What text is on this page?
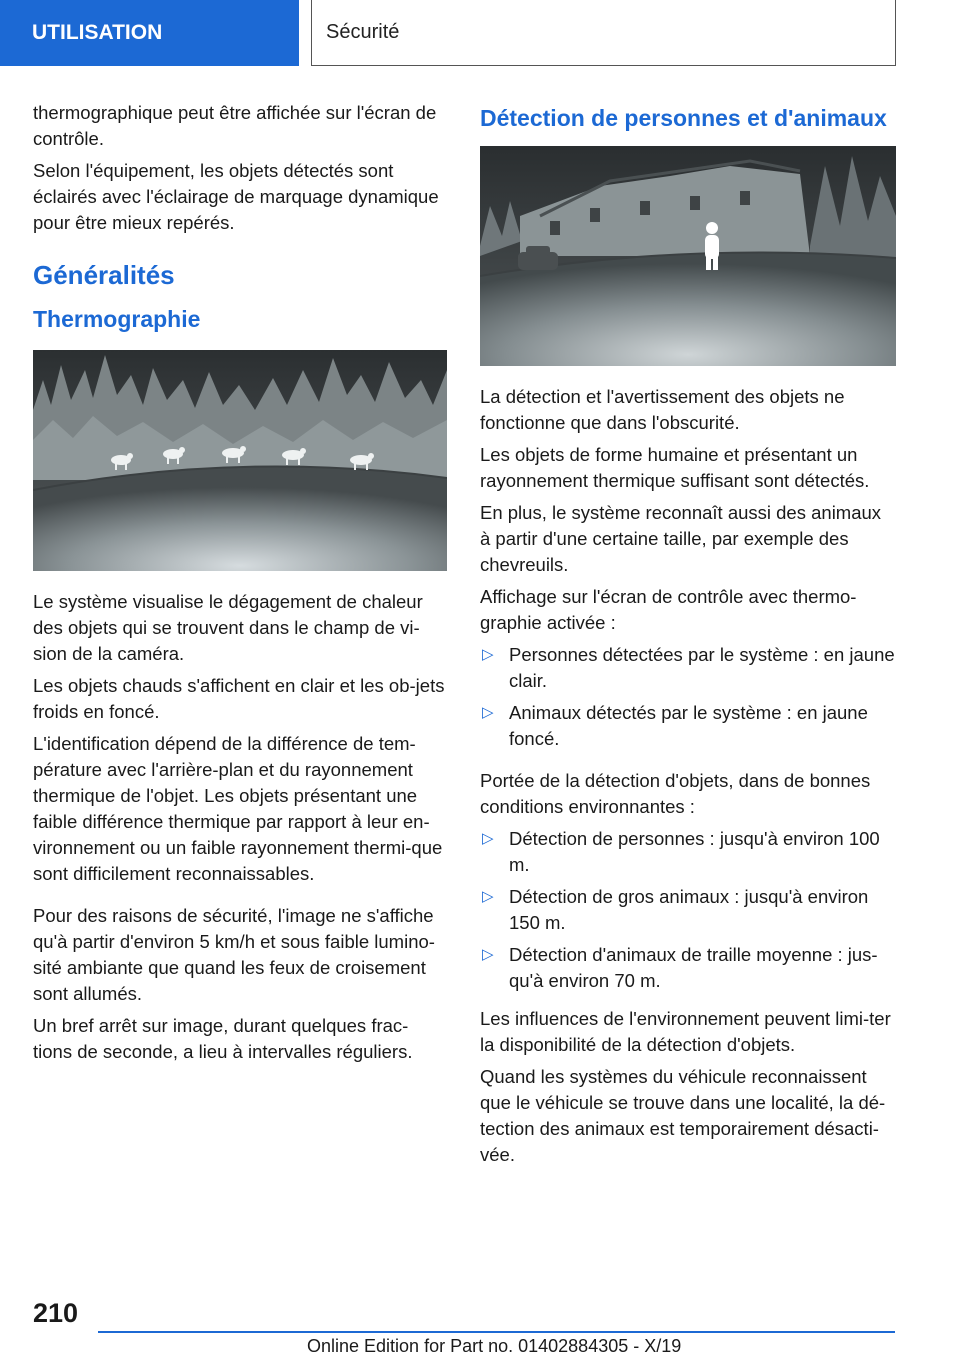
UTILISATION	Sécurité

thermographique peut être affichée sur l'écran de contrôle.

Selon l'équipement, les objets détectés sont éclairés avec l'éclairage de marquage dynamique pour être mieux repérés.

Généralités
Thermographie

Le système visualise le dégagement de chaleur des objets qui se trouvent dans le champ de vi-sion de la caméra.

Les objets chauds s'affichent en clair et les ob-jets froids en foncé.

L'identification dépend de la différence de tem-pérature avec l'arrière-plan et du rayonnement thermique de l'objet. Les objets présentant une faible différence thermique par rapport à leur en-vironnement ou un faible rayonnement thermi-que sont difficilement reconnaissables.

Pour des raisons de sécurité, l'image ne s'affiche qu'à partir d'environ 5 km/h et sous faible lumino-sité ambiante que quand les feux de croisement sont allumés.

Un bref arrêt sur image, durant quelques frac-tions de seconde, a lieu à intervalles réguliers.

Détection de personnes et d'animaux

La détection et l'avertissement des objets ne fonctionne que dans l'obscurité.

Les objets de forme humaine et présentant un rayonnement thermique suffisant sont détectés.

En plus, le système reconnaît aussi des animaux à partir d'une certaine taille, par exemple des chevreuils.

Affichage sur l'écran de contrôle avec thermo-graphie activée :

▷ Personnes détectées par le système : en jaune clair.
▷ Animaux détectés par le système : en jaune foncé.

Portée de la détection d'objets, dans de bonnes conditions environnantes :

▷ Détection de personnes : jusqu'à environ 100 m.
▷ Détection de gros animaux : jusqu'à environ 150 m.
▷ Détection d'animaux de traille moyenne : jus-qu'à environ 70 m.

Les influences de l'environnement peuvent limi-ter la disponibilité de la détection d'objets.

Quand les systèmes du véhicule reconnaissent que le véhicule se trouve dans une localité, la dé-tection des animaux est temporairement désacti-vée.

210
Online Edition for Part no. 01402884305 - X/19
